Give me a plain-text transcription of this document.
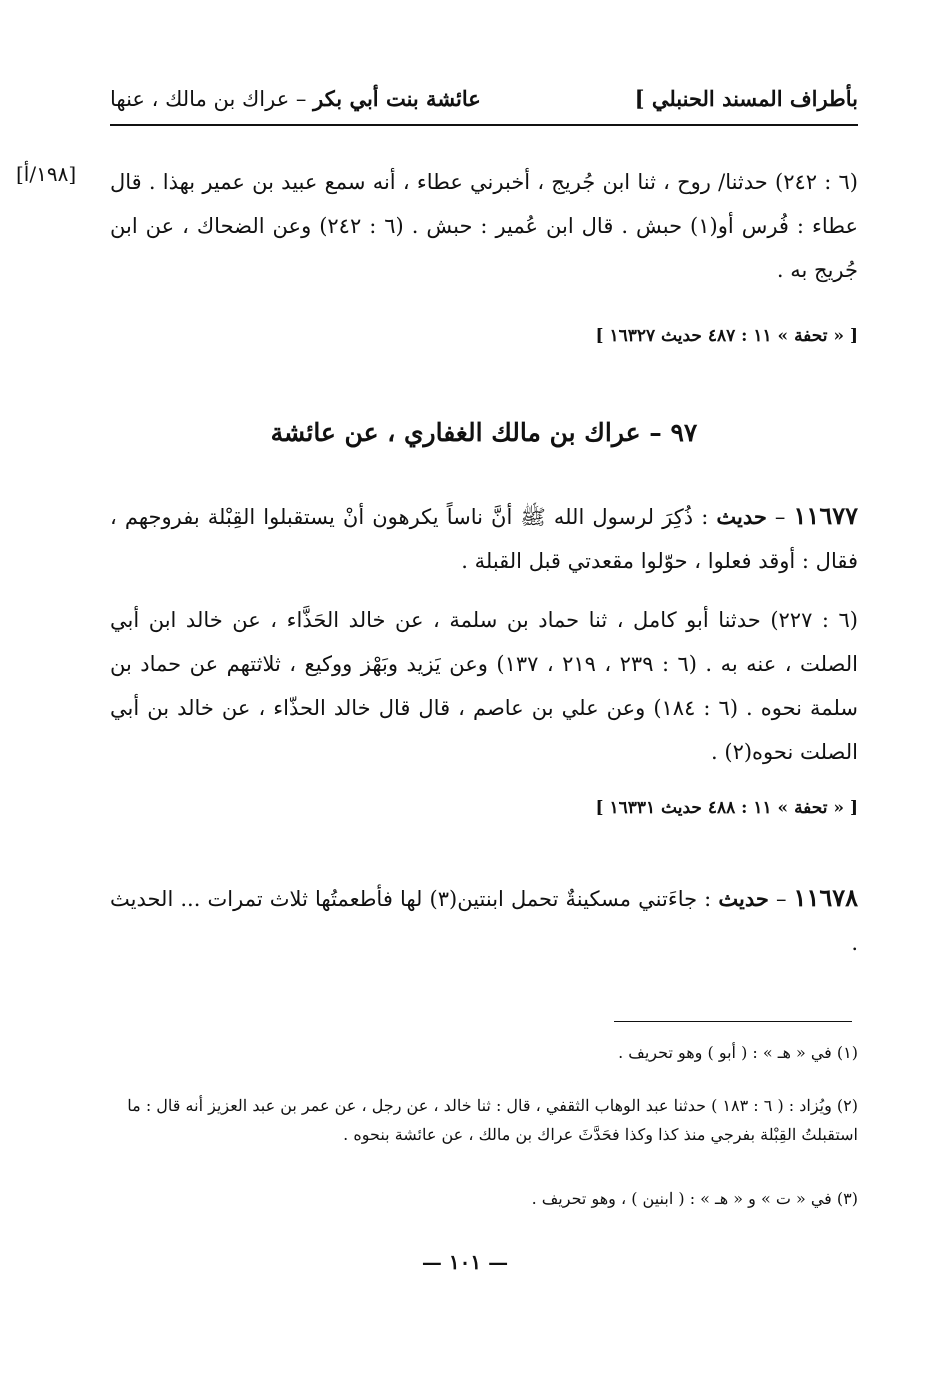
بأطراف المسند الحنبلي ]
عائشة بنت أبي بكر – عراك بن مالك ، عنها
[١٩٨/أ]	(٦ : ٢٤٢) حدثنا/ روح ، ثنا ابن جُريج ، أخبرني عطاء ، أنه سمع عبيد بن عمير بهذا . قال عطاء : فُرس أو(١) حبش . قال ابن عُمير : حبش . (٦ : ٢٤٢) وعن الضحاك ، عن ابن جُريج به .
[ « تحفة » ١١ : ٤٨٧ حديث ١٦٣٢٧ ]
٩٧ – عراك بن مالك الغفاري ، عن عائشة
١١٦٧٧ – حديث : ذُكِرَ لرسول الله ﷺ أنَّ ناساً يكرهون أنْ يستقبلوا القِبْلة بفروجهم ، فقال : أوقد فعلوا ، حوّلوا مقعدتي قبل القبلة .
(٦ : ٢٢٧) حدثنا أبو كامل ، ثنا حماد بن سلمة ، عن خالد الحَذَّاء ، عن خالد ابن أبي الصلت ، عنه به . (٦ : ٢٣٩ ، ٢١٩ ، ١٣٧) وعن يَزيد وبَهْز ووكيع ، ثلاثتهم عن حماد بن سلمة نحوه . (٦ : ١٨٤) وعن علي بن عاصم ، قال قال خالد الحذّاء ، عن خالد بن أبي الصلت نحوه(٢) .
[ « تحفة » ١١ : ٤٨٨ حديث ١٦٣٣١ ]
١١٦٧٨ – حديث : جاءَتني مسكينةٌ تحمل ابنتين(٣) لها فأطعمتُها ثلاث تمرات ... الحديث .
(١) في « هـ » : ( أبو ) وهو تحريف .
(٢) ويُزاد : ( ٦ : ١٨٣ ) حدثنا عبد الوهاب الثقفي ، قال : ثنا خالد ، عن رجل ، عن عمر بن عبد العزيز أنه قال : ما استقبلتُ القِبْلة بفرجي منذ كذا وكذا فحَدَّثَ عراك بن مالك ، عن عائشة بنحوه .
(٣) في « ت » و « هـ » : ( ابنين ) ، وهو تحريف .
— ١٠١ —
